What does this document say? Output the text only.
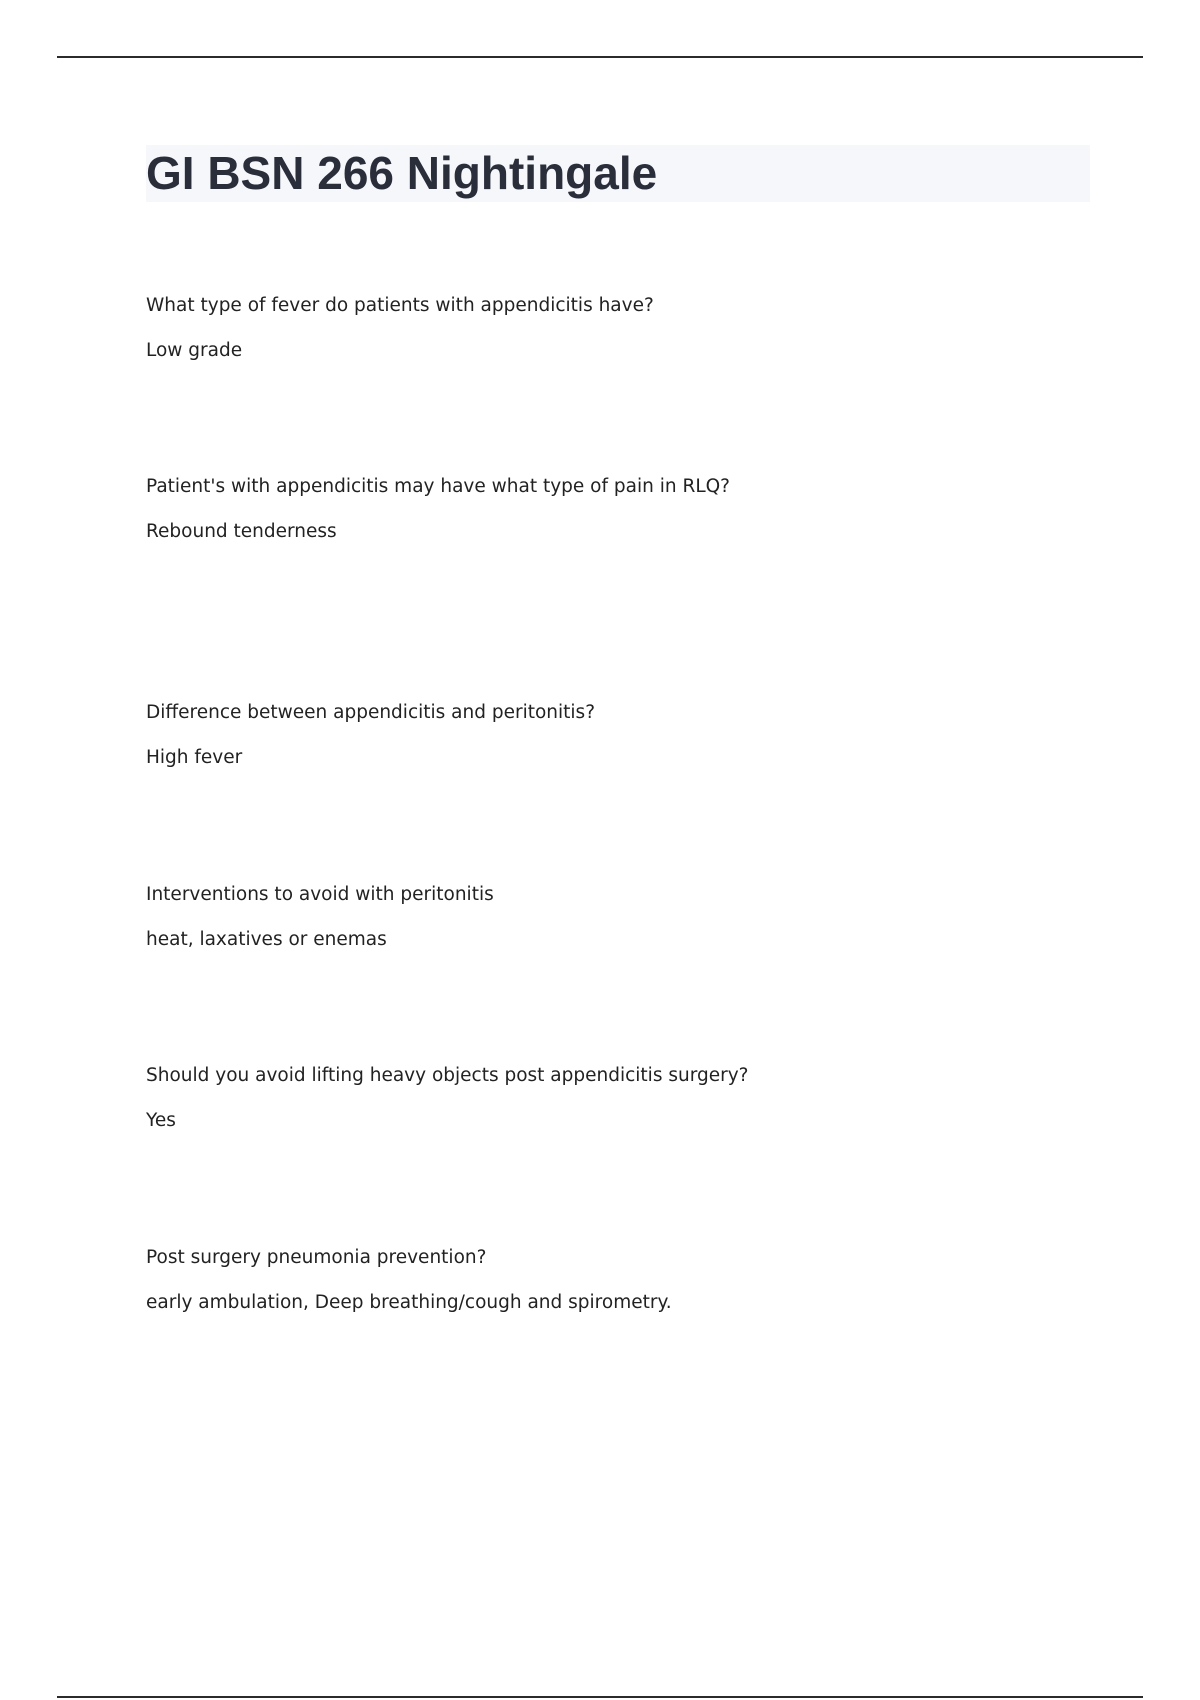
GI BSN 266 Nightingale

What type of fever do patients with appendicitis have?

Low grade

Patient's with appendicitis may have what type of pain in RLQ?

Rebound tenderness

Difference between appendicitis and peritonitis?

High fever

Interventions to avoid with peritonitis

heat, laxatives or enemas

Should you avoid lifting heavy objects post appendicitis surgery?

Yes

Post surgery pneumonia prevention?

early ambulation, Deep breathing/cough and spirometry.
